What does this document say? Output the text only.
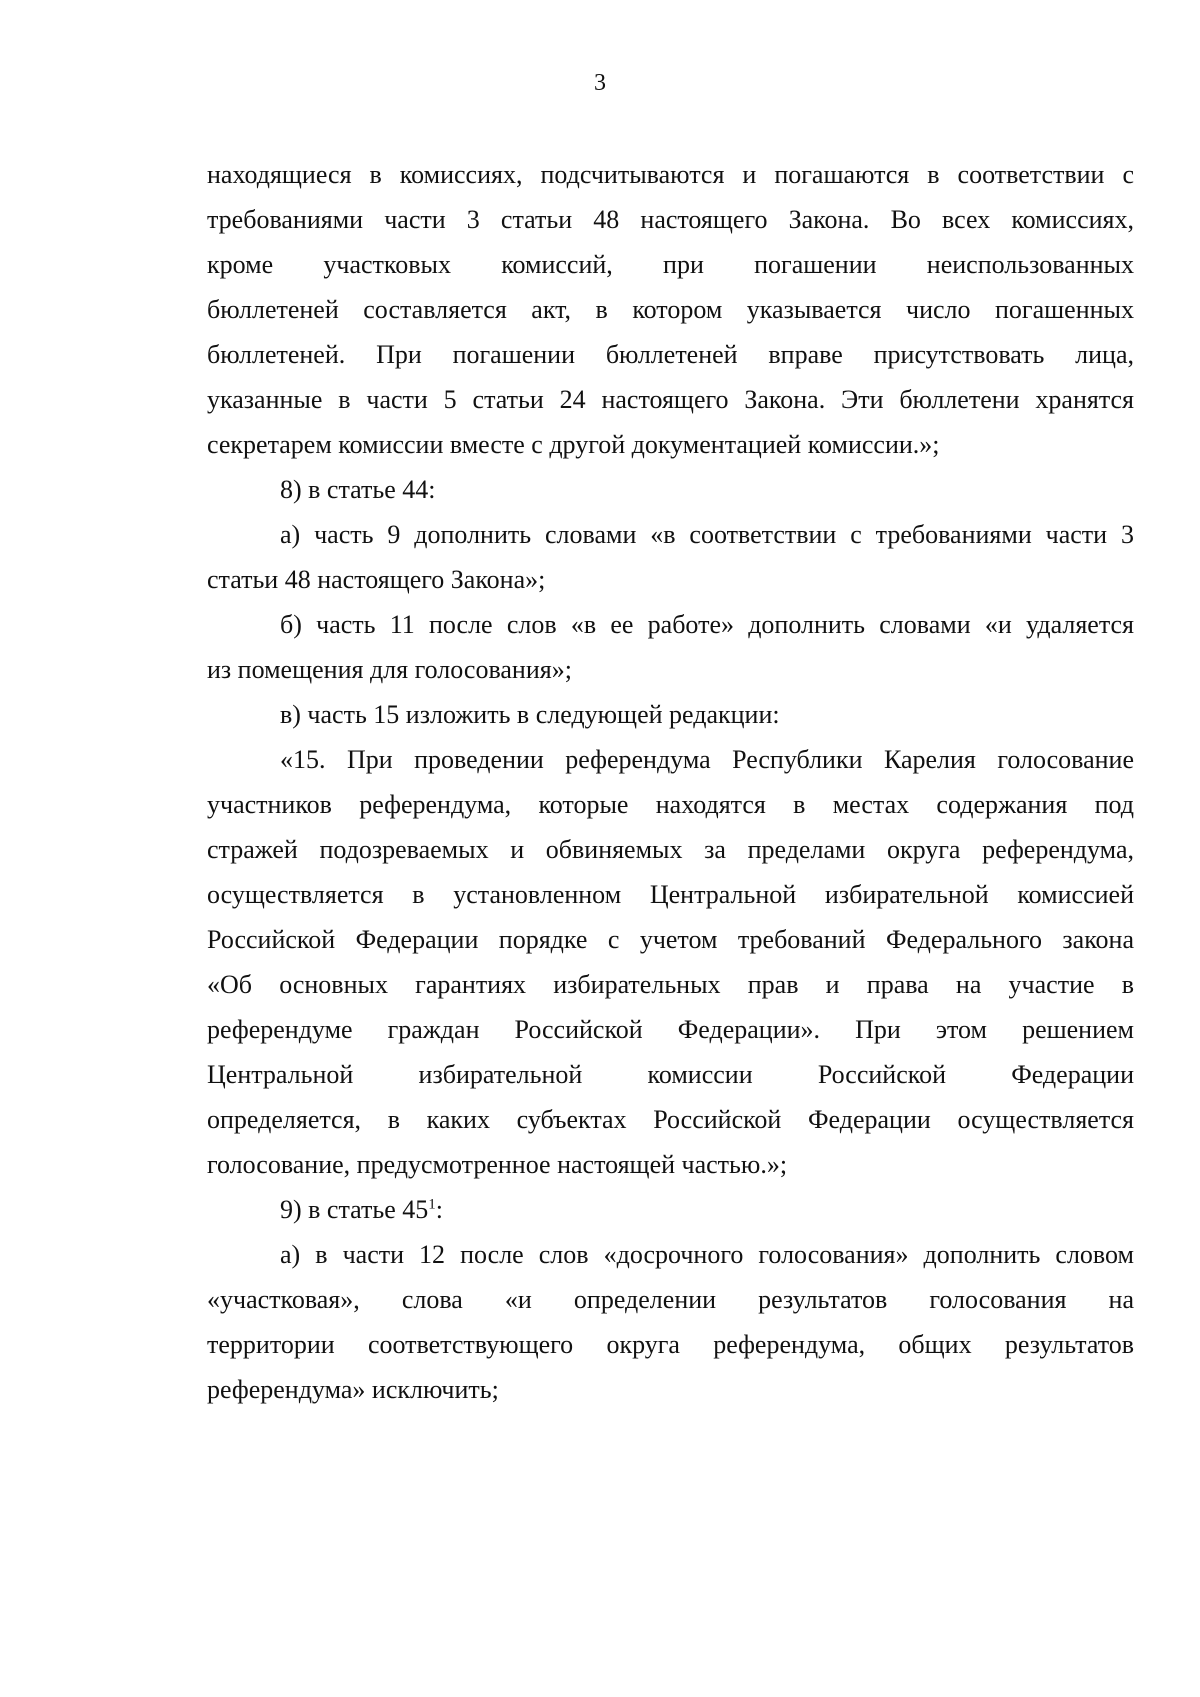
3
находящиеся в комиссиях, подсчитываются и погашаются в соответствии с
требованиями части 3 статьи 48 настоящего Закона. Во всех комиссиях,
кроме участковых комиссий, при погашении неиспользованных
бюллетеней составляется акт, в котором указывается число погашенных
бюллетеней. При погашении бюллетеней вправе присутствовать лица,
указанные в части 5 статьи 24 настоящего Закона. Эти бюллетени хранятся
секретарем комиссии вместе с другой документацией комиссии.»;
8) в статье 44:
а) часть 9 дополнить словами «в соответствии с требованиями части 3
статьи 48 настоящего Закона»;
б) часть 11 после слов «в ее работе» дополнить словами «и удаляется
из помещения для голосования»;
в) часть 15 изложить в следующей редакции:
«15. При проведении референдума Республики Карелия голосование
участников референдума, которые находятся в местах содержания под
стражей подозреваемых и обвиняемых за пределами округа референдума,
осуществляется в установленном Центральной избирательной комиссией
Российской Федерации порядке с учетом требований Федерального закона
«Об основных гарантиях избирательных прав и права на участие в
референдуме граждан Российской Федерации». При этом решением
Центральной избирательной комиссии Российской Федерации
определяется, в каких субъектах Российской Федерации осуществляется
голосование, предусмотренное настоящей частью.»;
9) в статье $45^1$:
а) в части 12 после слов «досрочного голосования» дополнить словом
«участковая», слова «и определении результатов голосования на
территории соответствующего округа референдума, общих результатов
референдума» исключить;
